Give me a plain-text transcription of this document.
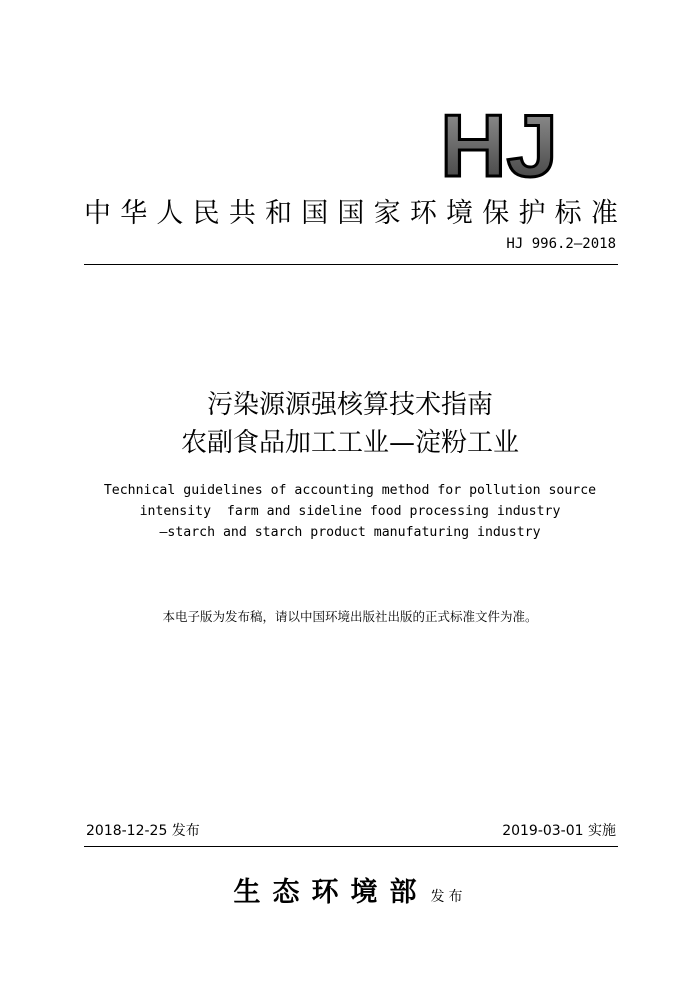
HJ
中 华 人 民 共 和 国 国 家 环 境 保 护 标 准
HJ 996.2—2018
污染源源强核算技术指南
农副食品加工工业—淀粉工业
Technical guidelines of accounting method for pollution source
intensity  farm and sideline food processing industry
—starch and starch product manufaturing industry
本电子版为发布稿，请以中国环境出版社出版的正式标准文件为准。
2018-12-25 发布	2019-03-01 实施
生态环境部 发布
